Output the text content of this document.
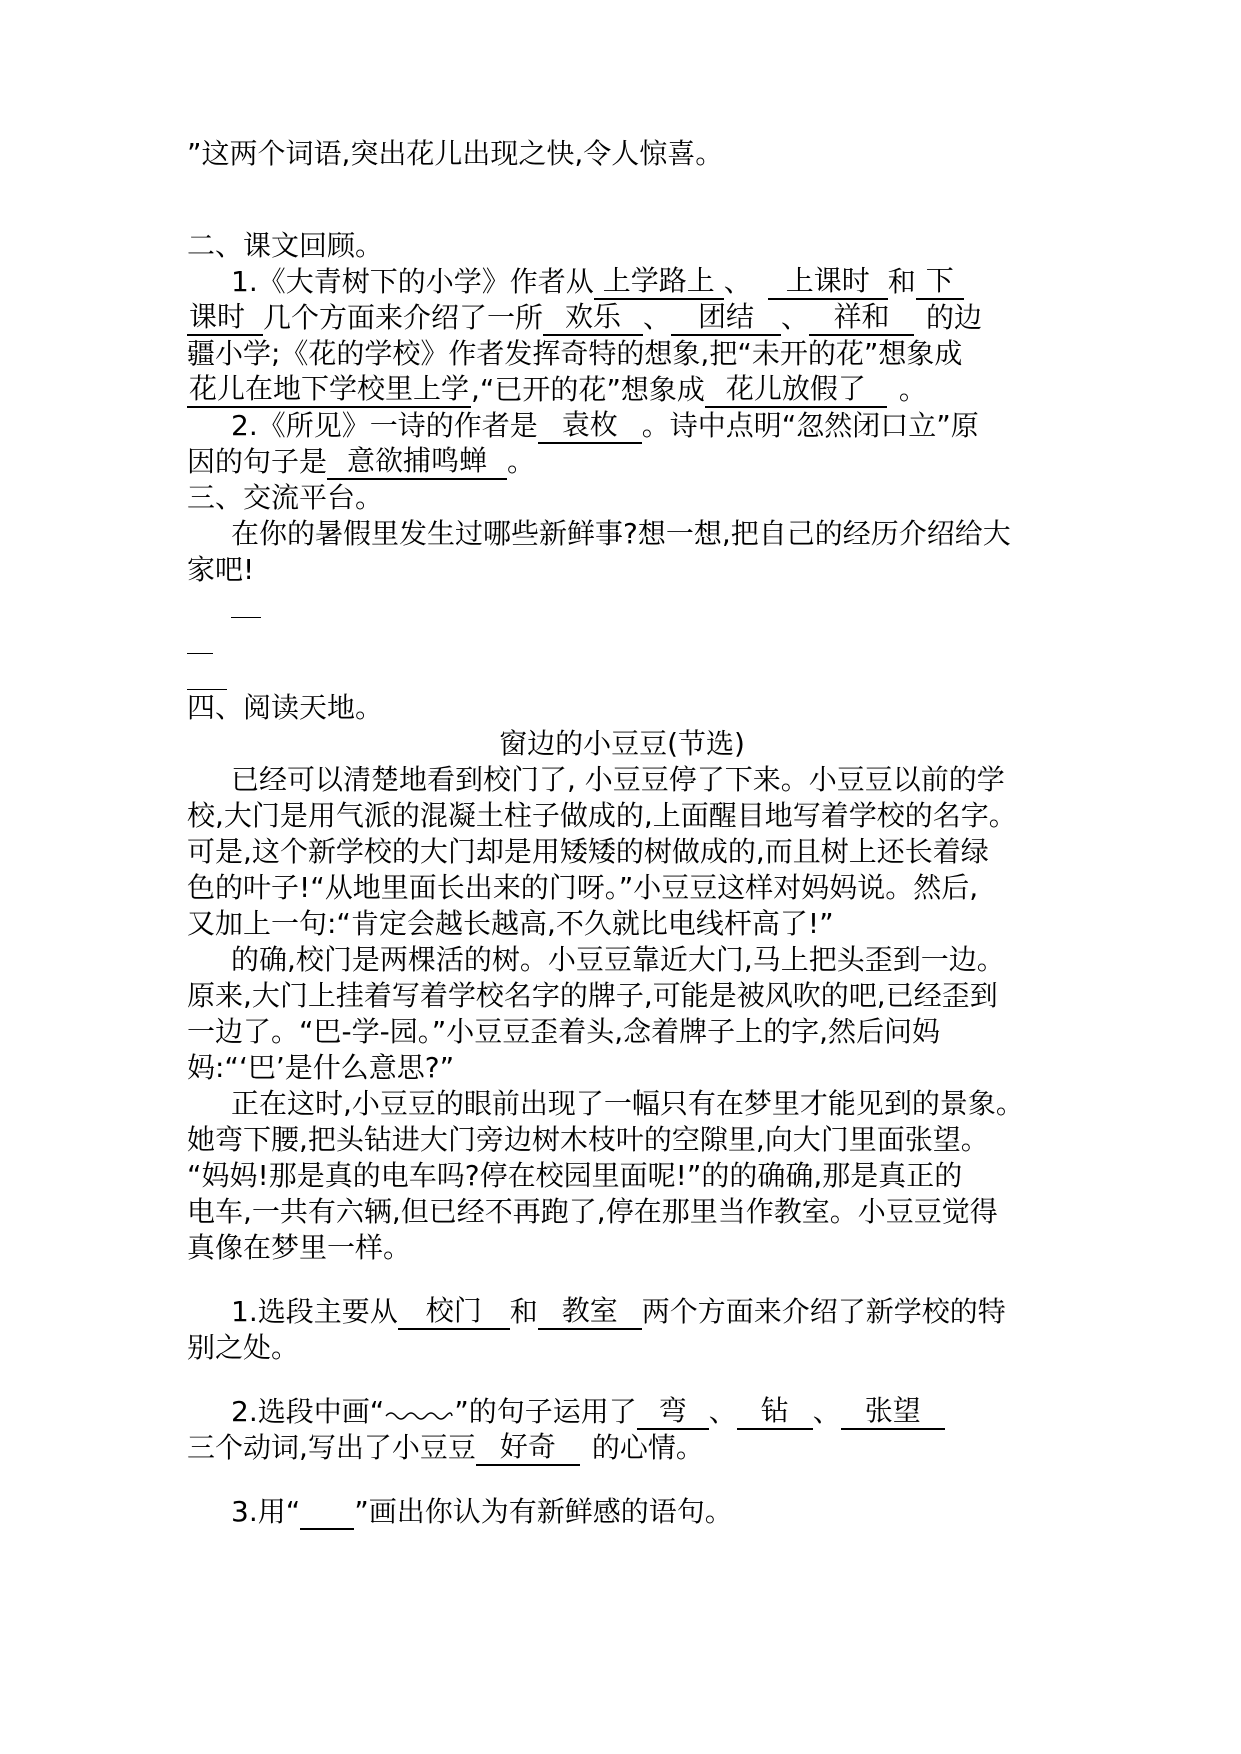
”这两个词语,突出花儿出现之快,令人惊喜。
二、课文回顾。
1.《大青树下的小学》作者从 上学路上 、 上课时 和 下
课时 几个方面来介绍了一所 欢乐 、 团结 、 祥和 的边
疆小学;《花的学校》作者发挥奇特的想象,把“未开的花”想象成
花儿在地下学校里上学,“已开的花”想象成 花儿放假了 。
2.《所见》一诗的作者是 袁枚 。诗中点明“忽然闭口立”原
因的句子是 意欲捕鸣蝉 。
三、交流平台。
在你的暑假里发生过哪些新鲜事?想一想,把自己的经历介绍给大
家吧!
四、阅读天地。
窗边的小豆豆(节选)
已经可以清楚地看到校门了, 小豆豆停了下来。小豆豆以前的学
校,大门是用气派的混凝土柱子做成的,上面醒目地写着学校的名字。
可是,这个新学校的大门却是用矮矮的树做成的,而且树上还长着绿
色的叶子!“从地里面长出来的门呀。”小豆豆这样对妈妈说。然后,
又加上一句:“肯定会越长越高,不久就比电线杆高了!”
的确,校门是两棵活的树。小豆豆靠近大门,马上把头歪到一边。
原来,大门上挂着写着学校名字的牌子,可能是被风吹的吧,已经歪到
一边了。“巴-学-园。”小豆豆歪着头,念着牌子上的字,然后问妈
妈:“‘巴’是什么意思?”
正在这时,小豆豆的眼前出现了一幅只有在梦里才能见到的景象。
她弯下腰,把头钻进大门旁边树木枝叶的空隙里,向大门里面张望。
“妈妈!那是真的电车吗?停在校园里面呢!”的的确确,那是真正的
电车,一共有六辆,但已经不再跑了,停在那里当作教室。小豆豆觉得
真像在梦里一样。
1.选段主要从 校门 和 教室 两个方面来介绍了新学校的特
别之处。
2.选段中画“	”的句子运用了 弯 、 钻 、 张望
三个动词,写出了小豆豆 好奇 的心情。
3.用“ ”画出你认为有新鲜感的语句。
